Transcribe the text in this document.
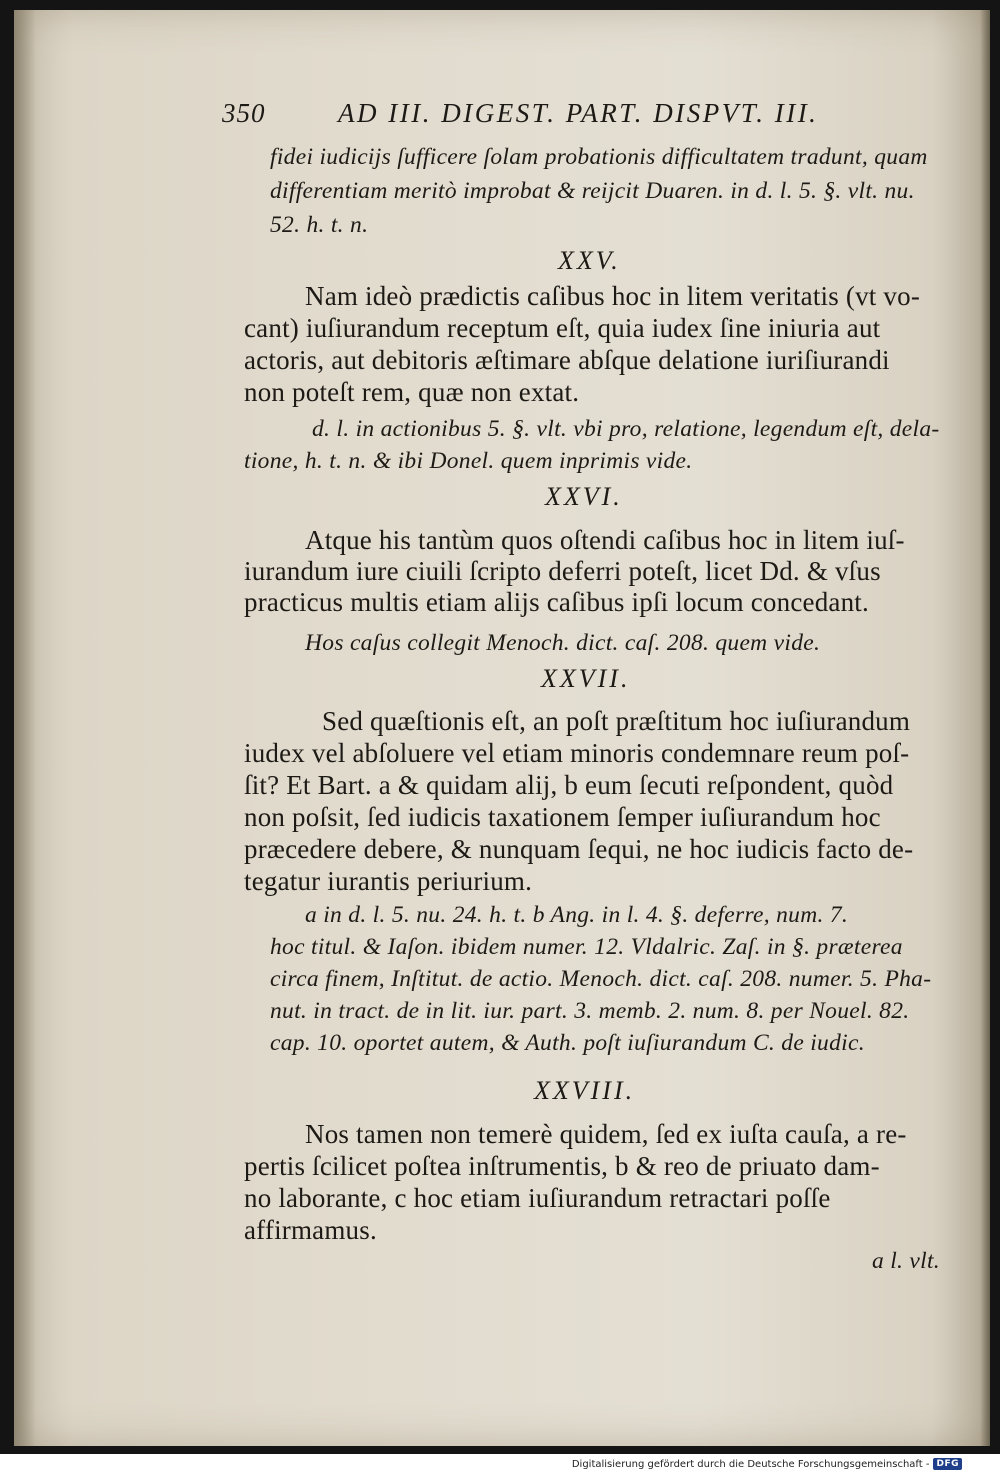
350	AD III. DIGEST. PART. DISPVT. III.

fidei iudicijs ſufficere ſolam probationis difficultatem tradunt, quam

differentiam meritò improbat & reijcit Duaren. in d. l. 5. §. vlt. nu.

52. h. t. n.

XXV.

Nam ideò prædictis caſibus hoc in litem veritatis (vt vo-

cant) iuſiurandum receptum eſt, quia iudex ſine iniuria aut

actoris, aut debitoris æſtimare abſque delatione iuriſiurandi

non poteſt rem, quæ non extat.

d. l. in actionibus 5. §. vlt. vbi pro, relatione, legendum eſt, dela-

tione, h. t. n. & ibi Donel. quem inprimis vide.

XXVI.

Atque his tantùm quos oſtendi caſibus hoc in litem iuſ-

iurandum iure ciuili ſcripto deferri poteſt, licet Dd. & vſus

practicus multis etiam alijs caſibus ipſi locum concedant.

Hos caſus collegit Menoch. dict. caſ. 208. quem vide.

XXVII.

Sed quæſtionis eſt, an poſt præſtitum hoc iuſiurandum

iudex vel abſoluere vel etiam minoris condemnare reum poſ-

ſit? Et Bart. a & quidam alij, b eum ſecuti reſpondent, quòd

non poſsit, ſed iudicis taxationem ſemper iuſiurandum hoc

præcedere debere, & nunquam ſequi, ne hoc iudicis facto de-

tegatur iurantis periurium.

a in d. l. 5. nu. 24. h. t. b Ang. in l. 4. §. deferre, num. 7.

hoc titul. & Iaſon. ibidem numer. 12. Vldalric. Zaſ. in §. præterea

circa finem, Inſtitut. de actio. Menoch. dict. caſ. 208. numer. 5. Pha-

nut. in tract. de in lit. iur. part. 3. memb. 2. num. 8. per Nouel. 82.

cap. 10. oportet autem, & Auth. poſt iuſiurandum C. de iudic.

XXVIII.

Nos tamen non temerè quidem, ſed ex iuſta cauſa, a re-

pertis ſcilicet poſtea inſtrumentis, b & reo de priuato dam-

no laborante, c hoc etiam iuſiurandum retractari poſſe

affirmamus.

a l. vlt.

Digitalisierung gefördert durch die Deutsche Forschungsgemeinschaft - DFG
